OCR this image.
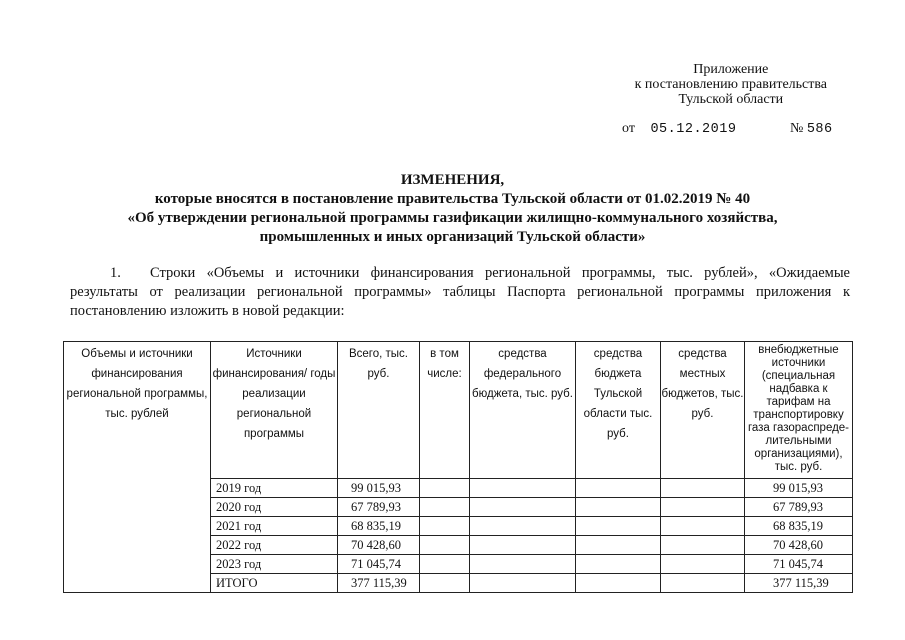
Приложение
к постановлению правительства
Тульской области
от 05.12.2019	№ 586
ИЗМЕНЕНИЯ,
которые вносятся в постановление правительства Тульской области от 01.02.2019 № 40
«Об утверждении региональной программы газификации жилищно-коммунального хозяйства,
промышленных и иных организаций Тульской области»
1. Строки «Объемы и источники финансирования региональной программы, тыс. рублей», «Ожидаемые результаты от реализации региональной программы» таблицы Паспорта региональной программы приложения к постановлению изложить в новой редакции:
Объемы и источники финансирования региональной программы, тыс. рублей	Источники финансирования/ годы реализации региональной программы	Всего, тыс. руб.	в том числе:	средства федерального бюджета, тыс. руб.	средства бюджета Тульской области тыс. руб.	средства местных бюджетов, тыс. руб.	внебюджетные источники (специальная надбавка к тарифам на транспортировку газа газораспреде-лительными организациями), тыс. руб.
	2019 год	99 015,93					99 015,93
	2020 год	67 789,93					67 789,93
	2021 год	68 835,19					68 835,19
	2022 год	70 428,60					70 428,60
	2023 год	71 045,74					71 045,74
	ИТОГО	377 115,39					377 115,39
